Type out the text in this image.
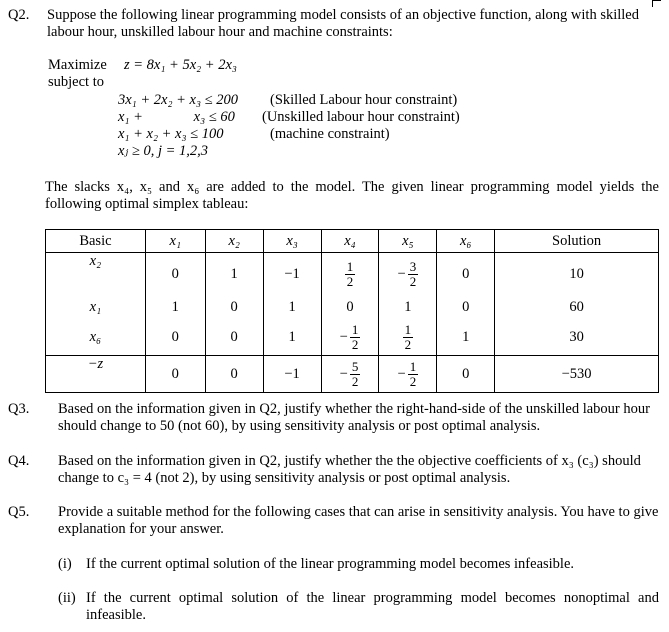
Q2. Suppose the following linear programming model consists of an objective function, along with skilled
labour hour, unskilled labour hour and machine constraints:
Maximize z = 8x₁ + 5x₂ + 2x₃
subject to
3x₁ + 2x₂ + x₃ ≤ 200 (Skilled Labour hour constraint)
x₁ +              x₃ ≤ 60 (Unskilled labour hour constraint)
x₁ + x₂ + x₃ ≤ 100	(machine constraint)
xⱼ ≥ 0, j = 1,2,3
The slacks x₄, x₅ and x₆ are added to the model. The given linear programming model yields the
following optimal simplex tableau:
Basic	x₁	x₂	x₃	x₄	x₅	x₆	Solution
x₂	0	1	−1	$\frac{1}{2}$	− $\frac{3}{2}$	0	10
x₁	1	0	1	0	1	0	60
x₆	0	0	1	− $\frac{1}{2}$	$\frac{1}{2}$	1	30
−z	0	0	−1	− $\frac{5}{2}$	− $\frac{1}{2}$	0	−530
Q3. Based on the information given in Q2, justify whether the right-hand-side of the unskilled labour hour
should change to 50 (not 60), by using sensitivity analysis or post optimal analysis.
Q4. Based on the information given in Q2, justify whether the the objective coefficients of x₃ (c₃) should
change to c₃ = 4 (not 2), by using sensitivity analysis or post optimal analysis.
Q5. Provide a suitable method for the following cases that can arise in sensitivity analysis. You have to give
explanation for your answer.
(i) If the current optimal solution of the linear programming model becomes infeasible.
(ii) If the current optimal solution of the linear programming model becomes nonoptimal and
infeasible.
